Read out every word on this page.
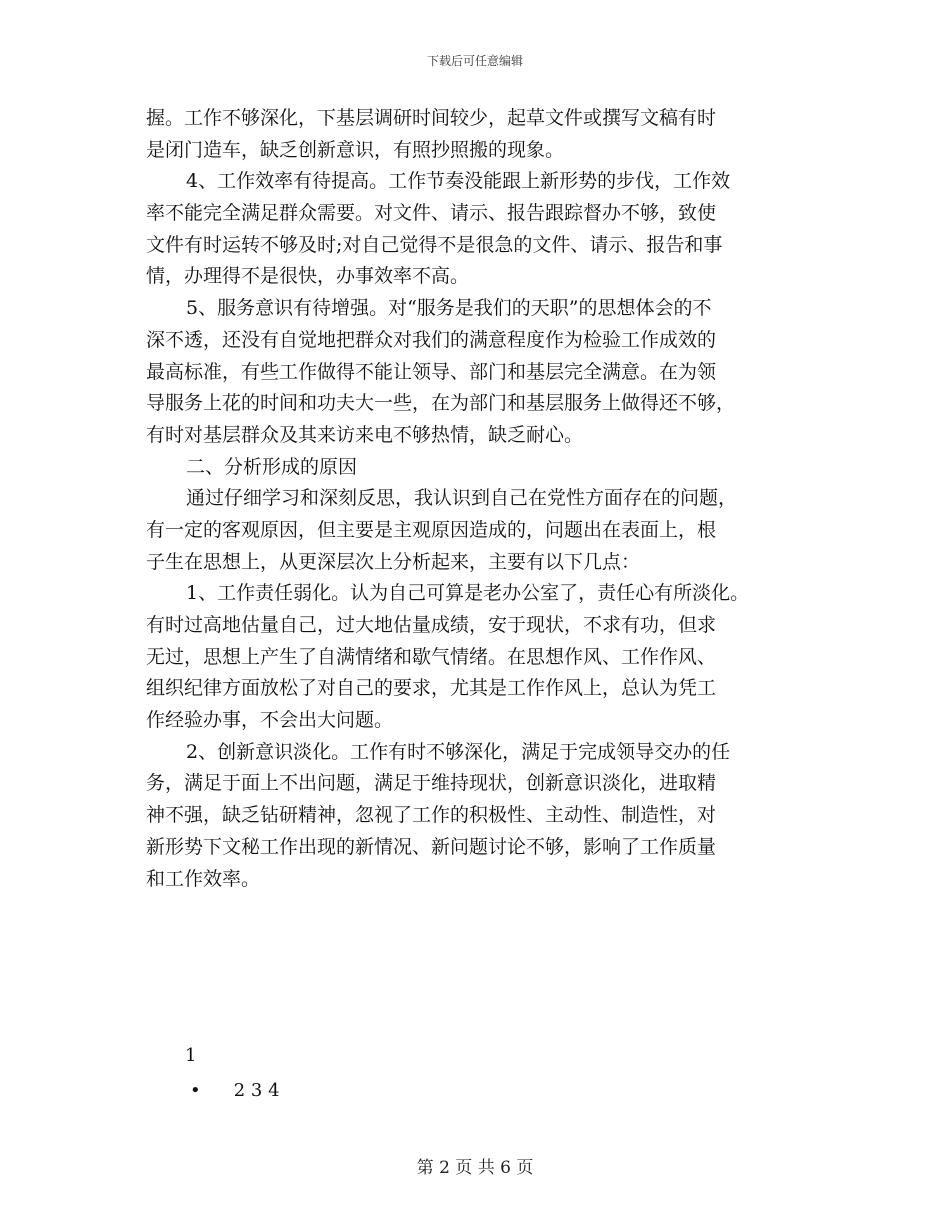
下载后可任意编辑
握。工作不够深化，下基层调研时间较少，起草文件或撰写文稿有时
是闭门造车，缺乏创新意识，有照抄照搬的现象。
4、工作效率有待提高。工作节奏没能跟上新形势的步伐，工作效
率不能完全满足群众需要。对文件、请示、报告跟踪督办不够，致使
文件有时运转不够及时;对自己觉得不是很急的文件、请示、报告和事
情，办理得不是很快，办事效率不高。
5、服务意识有待增强。对“服务是我们的天职”的思想体会的不
深不透，还没有自觉地把群众对我们的满意程度作为检验工作成效的
最高标准，有些工作做得不能让领导、部门和基层完全满意。在为领
导服务上花的时间和功夫大一些，在为部门和基层服务上做得还不够，
有时对基层群众及其来访来电不够热情，缺乏耐心。
二、分析形成的原因
通过仔细学习和深刻反思，我认识到自己在党性方面存在的问题，
有一定的客观原因，但主要是主观原因造成的，问题出在表面上，根
子生在思想上，从更深层次上分析起来，主要有以下几点：
1、工作责任弱化。认为自己可算是老办公室了，责任心有所淡化。
有时过高地估量自己，过大地估量成绩，安于现状，不求有功，但求
无过，思想上产生了自满情绪和歇气情绪。在思想作风、工作作风、
组织纪律方面放松了对自己的要求，尤其是工作作风上，总认为凭工
作经验办事，不会出大问题。
2、创新意识淡化。工作有时不够深化，满足于完成领导交办的任
务，满足于面上不出问题，满足于维持现状，创新意识淡化，进取精
神不强，缺乏钻研精神，忽视了工作的积极性、主动性、制造性，对
新形势下文秘工作出现的新情况、新问题讨论不够，影响了工作质量
和工作效率。
1
• 2 3 4
第 2 页 共 6 页
